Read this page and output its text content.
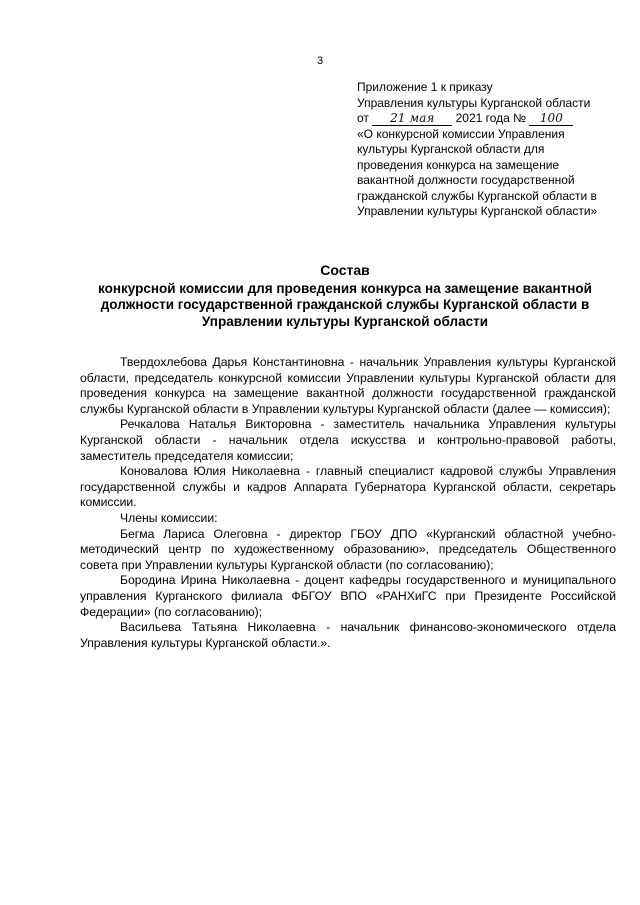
3
Приложение 1 к приказу
Управления культуры Курганской области
от 21 мая 2021 года № 100
«О конкурсной комиссии Управления
культуры Курганской области для
проведения конкурса на замещение
вакантной должности государственной
гражданской службы Курганской области в
Управлении культуры Курганской области»
Состав
конкурсной комиссии для проведения конкурса на замещение вакантной должности государственной гражданской службы Курганской области в Управлении культуры Курганской области

Твердохлебова Дарья Константиновна - начальник Управления культуры Курганской области, председатель конкурсной комиссии Управлении культуры Курганской области для проведения конкурса на замещение вакантной должности государственной гражданской службы Курганской области в Управлении культуры Курганской области (далее — комиссия);

Речкалова Наталья Викторовна - заместитель начальника Управления культуры Курганской области - начальник отдела искусства и контрольно-правовой работы, заместитель председателя комиссии;

Коновалова Юлия Николаевна - главный специалист кадровой службы Управления государственной службы и кадров Аппарата Губернатора Курганской области, секретарь комиссии.

Члены комиссии:

Бегма Лариса Олеговна - директор ГБОУ ДПО «Курганский областной учебно-методический центр по художественному образованию», председатель Общественного совета при Управлении культуры Курганской области (по согласованию);

Бородина Ирина Николаевна - доцент кафедры государственного и муниципального управления Курганского филиала ФБГОУ ВПО «РАНХиГС при Президенте Российской Федерации» (по согласованию);

Васильева Татьяна Николаевна - начальник финансово-экономического отдела Управления культуры Курганской области.».
